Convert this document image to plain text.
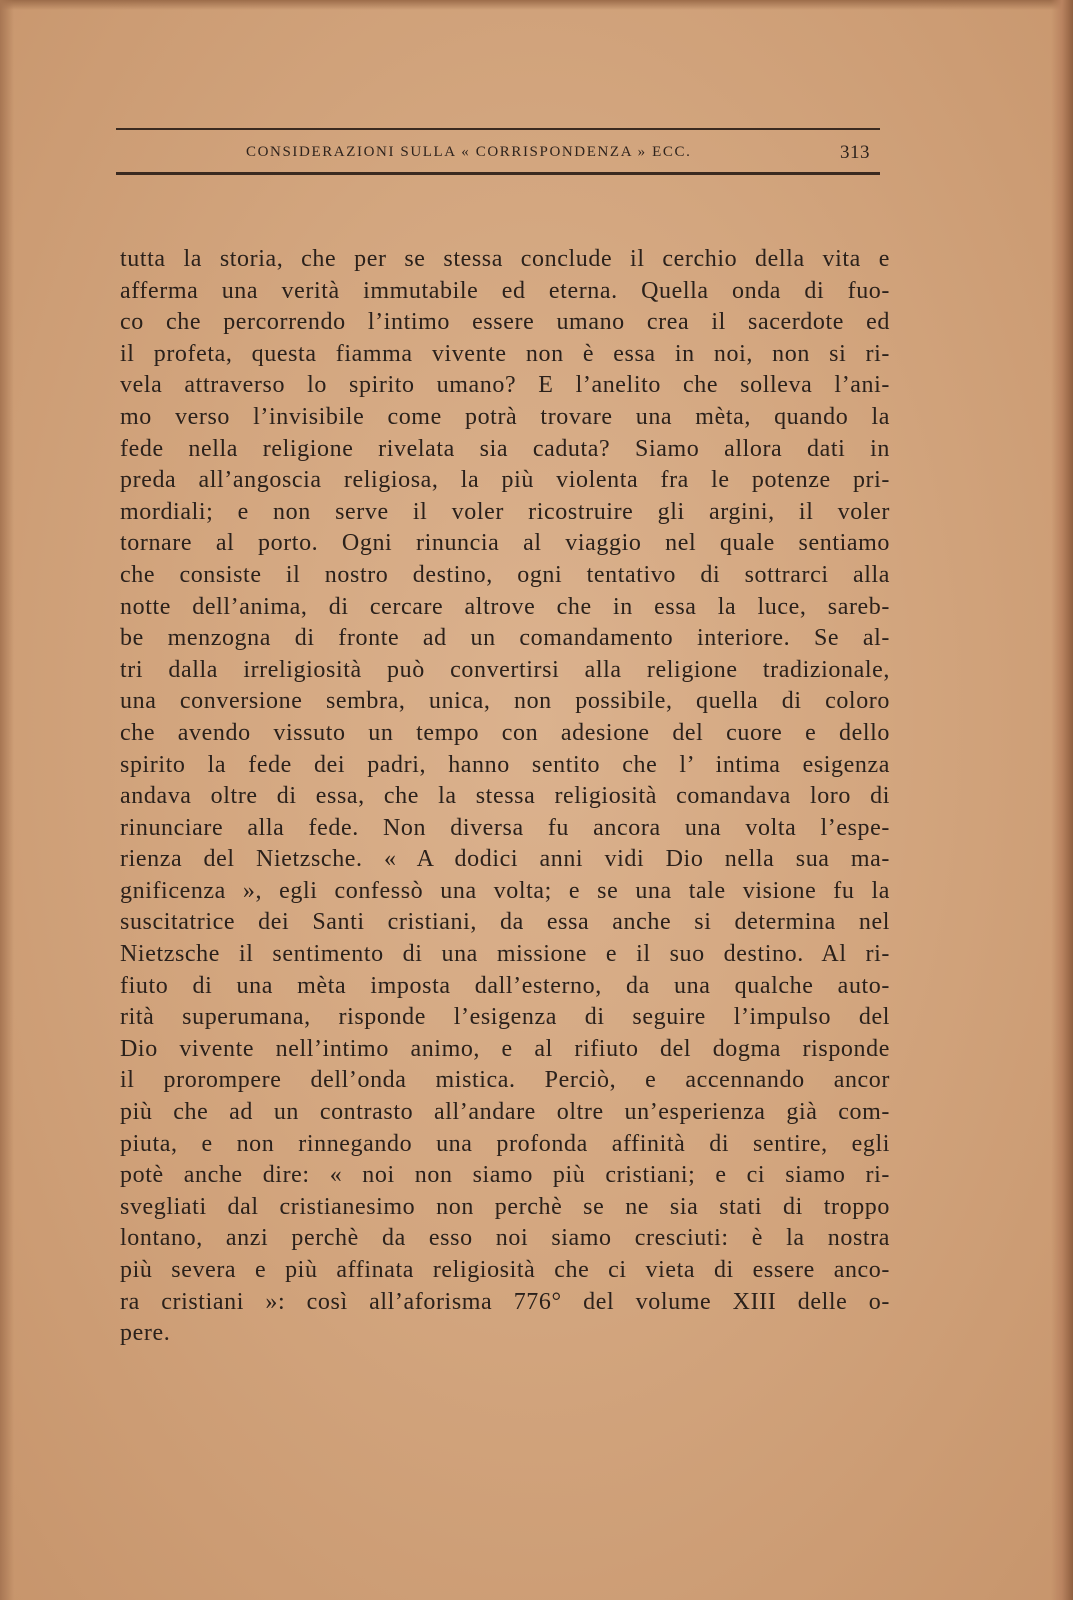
CONSIDERAZIONI SULLA « CORRISPONDENZA » ECC.	313
tutta la storia, che per se stessa conclude il cerchio della vita e
afferma una verità immutabile ed eterna. Quella onda di fuo-
co che percorrendo l’intimo essere umano crea il sacerdote ed
il profeta, questa fiamma vivente non è essa in noi, non si ri-
vela attraverso lo spirito umano? E l’anelito che solleva l’ani-
mo verso l’invisibile come potrà trovare una mèta, quando la
fede nella religione rivelata sia caduta? Siamo allora dati in
preda all’angoscia religiosa, la più violenta fra le potenze pri-
mordiali; e non serve il voler ricostruire gli argini, il voler
tornare al porto. Ogni rinuncia al viaggio nel quale sentiamo
che consiste il nostro destino, ogni tentativo di sottrarci alla
notte dell’anima, di cercare altrove che in essa la luce, sareb-
be menzogna di fronte ad un comandamento interiore. Se al-
tri dalla irreligiosità può convertirsi alla religione tradizionale,
una conversione sembra, unica, non possibile, quella di coloro
che avendo vissuto un tempo con adesione del cuore e dello
spirito la fede dei padri, hanno sentito che l’ intima esigenza
andava oltre di essa, che la stessa religiosità comandava loro di
rinunciare alla fede. Non diversa fu ancora una volta l’espe-
rienza del Nietzsche. « A dodici anni vidi Dio nella sua ma-
gnificenza », egli confessò una volta; e se una tale visione fu la
suscitatrice dei Santi cristiani, da essa anche si determina nel
Nietzsche il sentimento di una missione e il suo destino. Al ri-
fiuto di una mèta imposta dall’esterno, da una qualche auto-
rità superumana, risponde l’esigenza di seguire l’impulso del
Dio vivente nell’intimo animo, e al rifiuto del dogma risponde
il prorompere dell’onda mistica. Perciò, e accennando ancor
più che ad un contrasto all’andare oltre un’esperienza già com-
piuta, e non rinnegando una profonda affinità di sentire, egli
potè anche dire: « noi non siamo più cristiani; e ci siamo ri-
svegliati dal cristianesimo non perchè se ne sia stati di troppo
lontano, anzi perchè da esso noi siamo cresciuti: è la nostra
più severa e più affinata religiosità che ci vieta di essere anco-
ra cristiani »: così all’aforisma 776° del volume XIII delle o-
pere.
